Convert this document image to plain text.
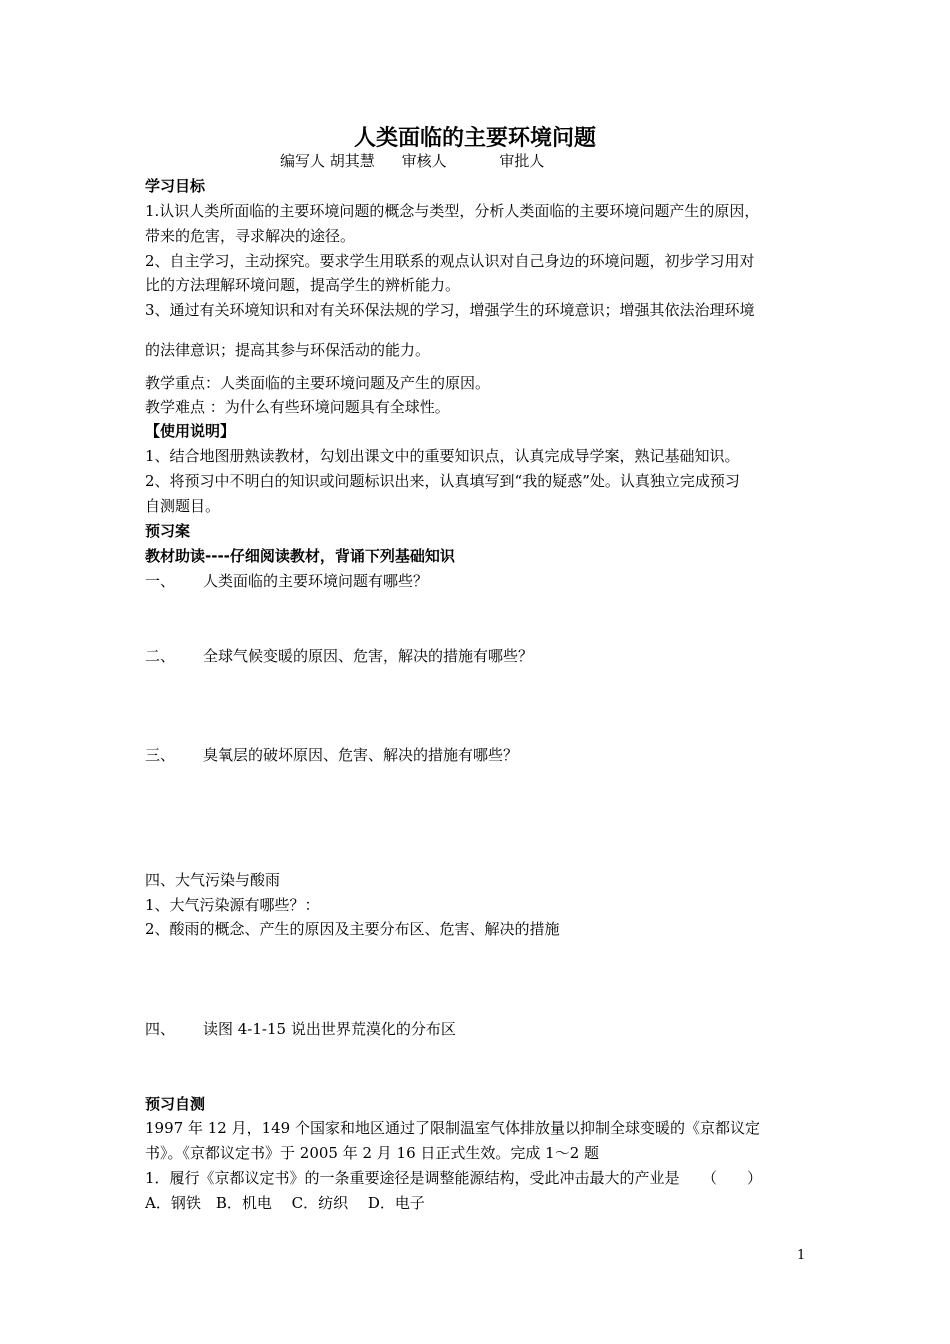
人类面临的主要环境问题
编写人 胡其慧 审核人	审批人
学习目标
1.认识人类所面临的主要环境问题的概念与类型，分析人类面临的主要环境问题产生的原因，
带来的危害，寻求解决的途径。
2、自主学习，主动探究。要求学生用联系的观点认识对自己身边的环境问题，初步学习用对
比的方法理解环境问题，提高学生的辨析能力。
3、通过有关环境知识和对有关环保法规的学习，增强学生的环境意识；增强其依法治理环境
的法律意识；提高其参与环保活动的能力。
教学重点：人类面临的主要环境问题及产生的原因。
教学难点 ：为什么有些环境问题具有全球性。
【使用说明】
1、结合地图册熟读教材，勾划出课文中的重要知识点，认真完成导学案，熟记基础知识。
2、将预习中不明白的知识或问题标识出来，认真填写到“我的疑惑”处。认真独立完成预习
自测题目。
预习案
教材助读----仔细阅读教材，背诵下列基础知识
一、 人类面临的主要环境问题有哪些？
二、 全球气候变暖的原因、危害，解决的措施有哪些？
三、 臭氧层的破坏原因、危害、解决的措施有哪些？
四、大气污染与酸雨
1、大气污染源有哪些？：
2、酸雨的概念、产生的原因及主要分布区、危害、解决的措施
四、 读图 4-1-15 说出世界荒漠化的分布区
预习自测
1997 年 12 月，149 个国家和地区通过了限制温室气体排放量以抑制全球变暖的《京都议定
书》。《京都议定书》于 2005 年 2 月 16 日正式生效。完成 1～2 题
1．履行《京都议定书》的一条重要途径是调整能源结构，受此冲击最大的产业是　　（　　）
A．钢铁　B．机电　 C．纺织　 D．电子
1
